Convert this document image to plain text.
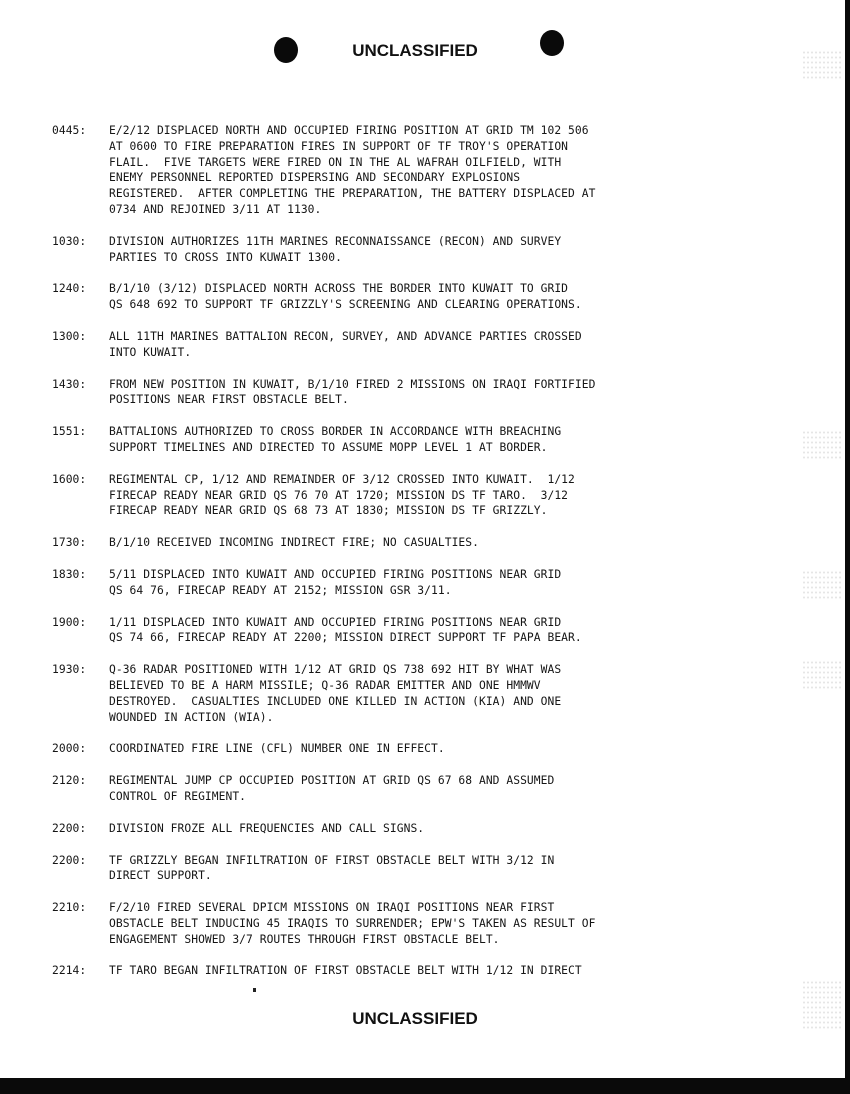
UNCLASSIFIED
0445:	E/2/12 DISPLACED NORTH AND OCCUPIED FIRING POSITION AT GRID TM 102 506
AT 0600 TO FIRE PREPARATION FIRES IN SUPPORT OF TF TROY'S OPERATION
FLAIL.  FIVE TARGETS WERE FIRED ON IN THE AL WAFRAH OILFIELD, WITH
ENEMY PERSONNEL REPORTED DISPERSING AND SECONDARY EXPLOSIONS
REGISTERED.  AFTER COMPLETING THE PREPARATION, THE BATTERY DISPLACED AT
0734 AND REJOINED 3/11 AT 1130.
1030:	DIVISION AUTHORIZES 11TH MARINES RECONNAISSANCE (RECON) AND SURVEY
PARTIES TO CROSS INTO KUWAIT 1300.
1240:	B/1/10 (3/12) DISPLACED NORTH ACROSS THE BORDER INTO KUWAIT TO GRID
QS 648 692 TO SUPPORT TF GRIZZLY'S SCREENING AND CLEARING OPERATIONS.
1300:	ALL 11TH MARINES BATTALION RECON, SURVEY, AND ADVANCE PARTIES CROSSED
INTO KUWAIT.
1430:	FROM NEW POSITION IN KUWAIT, B/1/10 FIRED 2 MISSIONS ON IRAQI FORTIFIED
POSITIONS NEAR FIRST OBSTACLE BELT.
1551:	BATTALIONS AUTHORIZED TO CROSS BORDER IN ACCORDANCE WITH BREACHING
SUPPORT TIMELINES AND DIRECTED TO ASSUME MOPP LEVEL 1 AT BORDER.
1600:	REGIMENTAL CP, 1/12 AND REMAINDER OF 3/12 CROSSED INTO KUWAIT.  1/12
FIRECAP READY NEAR GRID QS 76 70 AT 1720; MISSION DS TF TARO.  3/12
FIRECAP READY NEAR GRID QS 68 73 AT 1830; MISSION DS TF GRIZZLY.
1730:	B/1/10 RECEIVED INCOMING INDIRECT FIRE; NO CASUALTIES.
1830:	5/11 DISPLACED INTO KUWAIT AND OCCUPIED FIRING POSITIONS NEAR GRID
QS 64 76, FIRECAP READY AT 2152; MISSION GSR 3/11.
1900:	1/11 DISPLACED INTO KUWAIT AND OCCUPIED FIRING POSITIONS NEAR GRID
QS 74 66, FIRECAP READY AT 2200; MISSION DIRECT SUPPORT TF PAPA BEAR.
1930:	Q-36 RADAR POSITIONED WITH 1/12 AT GRID QS 738 692 HIT BY WHAT WAS
BELIEVED TO BE A HARM MISSILE; Q-36 RADAR EMITTER AND ONE HMMWV
DESTROYED.  CASUALTIES INCLUDED ONE KILLED IN ACTION (KIA) AND ONE
WOUNDED IN ACTION (WIA).
2000:	COORDINATED FIRE LINE (CFL) NUMBER ONE IN EFFECT.
2120:	REGIMENTAL JUMP CP OCCUPIED POSITION AT GRID QS 67 68 AND ASSUMED
CONTROL OF REGIMENT.
2200:	DIVISION FROZE ALL FREQUENCIES AND CALL SIGNS.
2200:	TF GRIZZLY BEGAN INFILTRATION OF FIRST OBSTACLE BELT WITH 3/12 IN
DIRECT SUPPORT.
2210:	F/2/10 FIRED SEVERAL DPICM MISSIONS ON IRAQI POSITIONS NEAR FIRST
OBSTACLE BELT INDUCING 45 IRAQIS TO SURRENDER; EPW'S TAKEN AS RESULT OF
ENGAGEMENT SHOWED 3/7 ROUTES THROUGH FIRST OBSTACLE BELT.
2214:	TF TARO BEGAN INFILTRATION OF FIRST OBSTACLE BELT WITH 1/12 IN DIRECT
UNCLASSIFIED
